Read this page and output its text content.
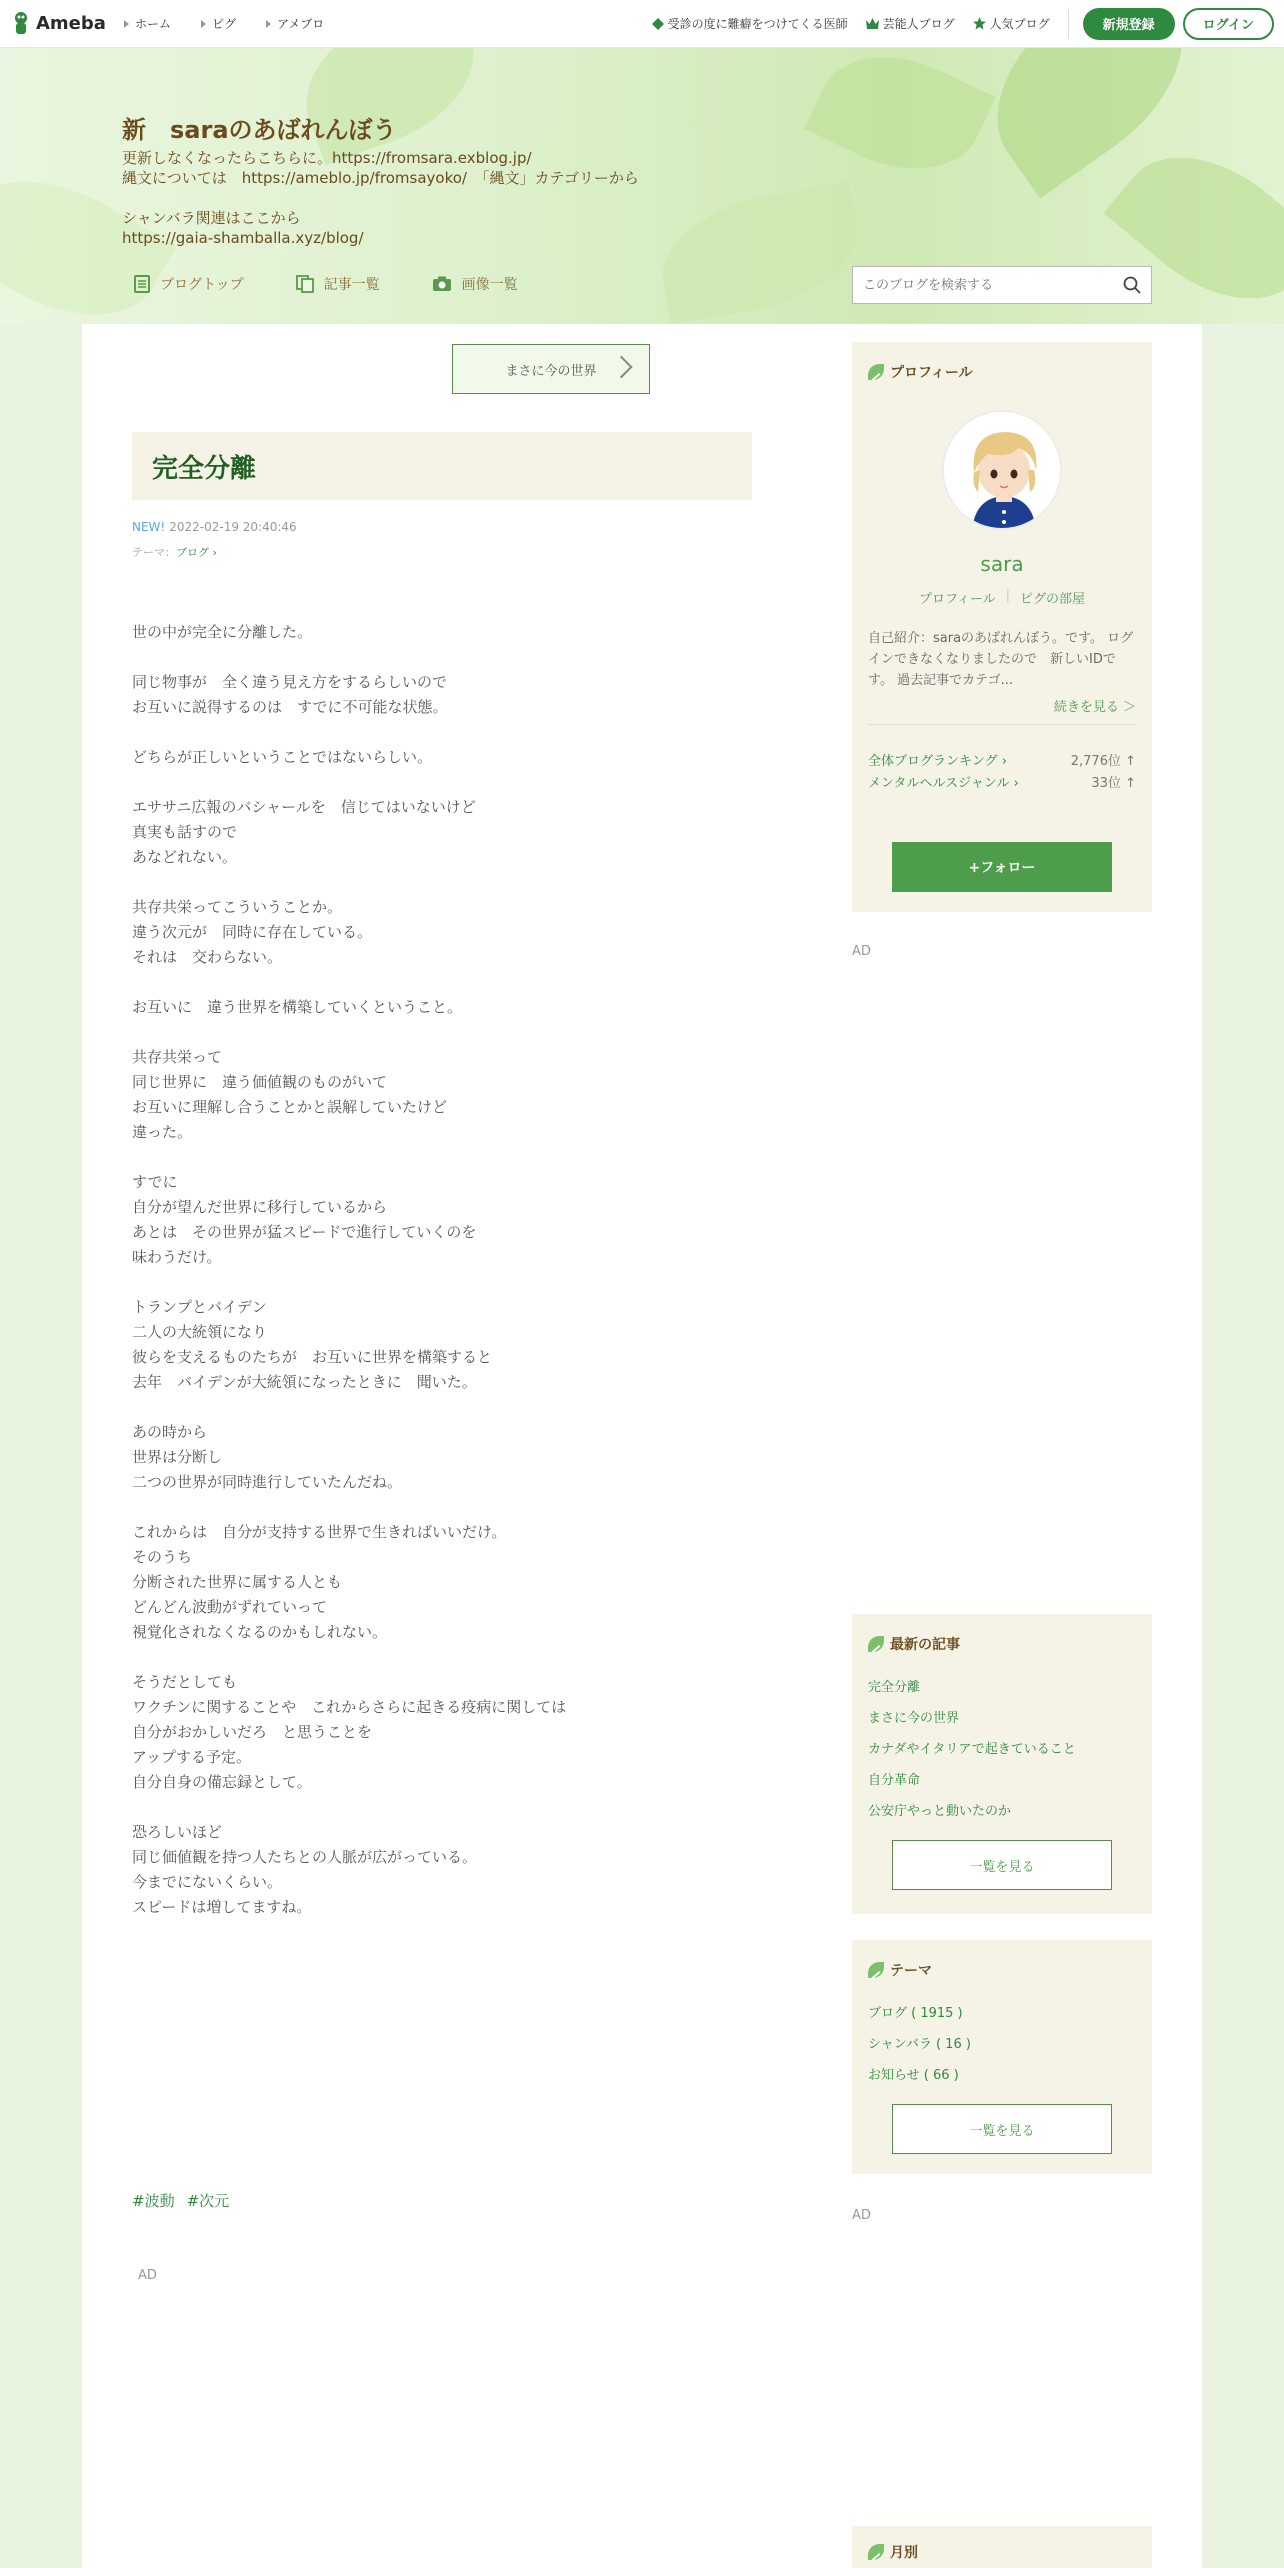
Ameba ホーム	ピグ	アメブロ	受診の度に難癖をつけてくる医師	芸能人ブログ	人気ブログ	新規登録	ログイン
新　saraのあばれんぼう
更新しなくなったらこちらに。https://fromsara.exblog.jp/
縄文については　https://ameblo.jp/fromsayoko/　「縄文」カテゴリーから

シャンバラ関連はここから
https://gaia-shamballa.xyz/blog/
ブログトップ	記事一覧	画像一覧
このブログを検索する
まさに今の世界
完全分離
NEW! 2022-02-19 20:40:46
テーマ：ブログ ›
世の中が完全に分離した。
同じ物事が　全く違う見え方をするらしいので
お互いに説得するのは　すでに不可能な状態。
どちらが正しいということではないらしい。
エササニ広報のバシャールを　信じてはいないけど
真実も話すので
あなどれない。
共存共栄ってこういうことか。
違う次元が　同時に存在している。
それは　交わらない。
お互いに　違う世界を構築していくということ。
共存共栄って
同じ世界に　違う価値観のものがいて
お互いに理解し合うことかと誤解していたけど
違った。
すでに
自分が望んだ世界に移行しているから
あとは　その世界が猛スピードで進行していくのを
味わうだけ。
トランプとバイデン
二人の大統領になり
彼らを支えるものたちが　お互いに世界を構築すると
去年　バイデンが大統領になったときに　聞いた。
あの時から
世界は分断し
二つの世界が同時進行していたんだね。
これからは　自分が支持する世界で生きればいいだけ。
そのうち
分断された世界に属する人とも
どんどん波動がずれていって
視覚化されなくなるのかもしれない。
そうだとしても
ワクチンに関することや　これからさらに起きる疫病に関しては
自分がおかしいだろ　と思うことを
アップする予定。
自分自身の備忘録として。
恐ろしいほど
同じ価値観を持つ人たちとの人脈が広がっている。
今までにないくらい。
スピードは増してますね。
#波動 #次元
AD
プロフィール
sara
プロフィール | ピグの部屋
自己紹介：saraのあばれんぼう。です。 ログインできなくなりましたので　新しいIDです。 過去記事でカテゴ...
続きを見る ＞
全体ブログランキング ›	2,776位 ↑
メンタルヘルスジャンル ›	33位 ↑
+フォロー
AD
最新の記事
完全分離
まさに今の世界
カナダやイタリアで起きていること
自分革命
公安庁やっと動いたのか
一覧を見る
テーマ
ブログ ( 1915 )
シャンバラ ( 16 )
お知らせ ( 66 )
一覧を見る
AD
月別
